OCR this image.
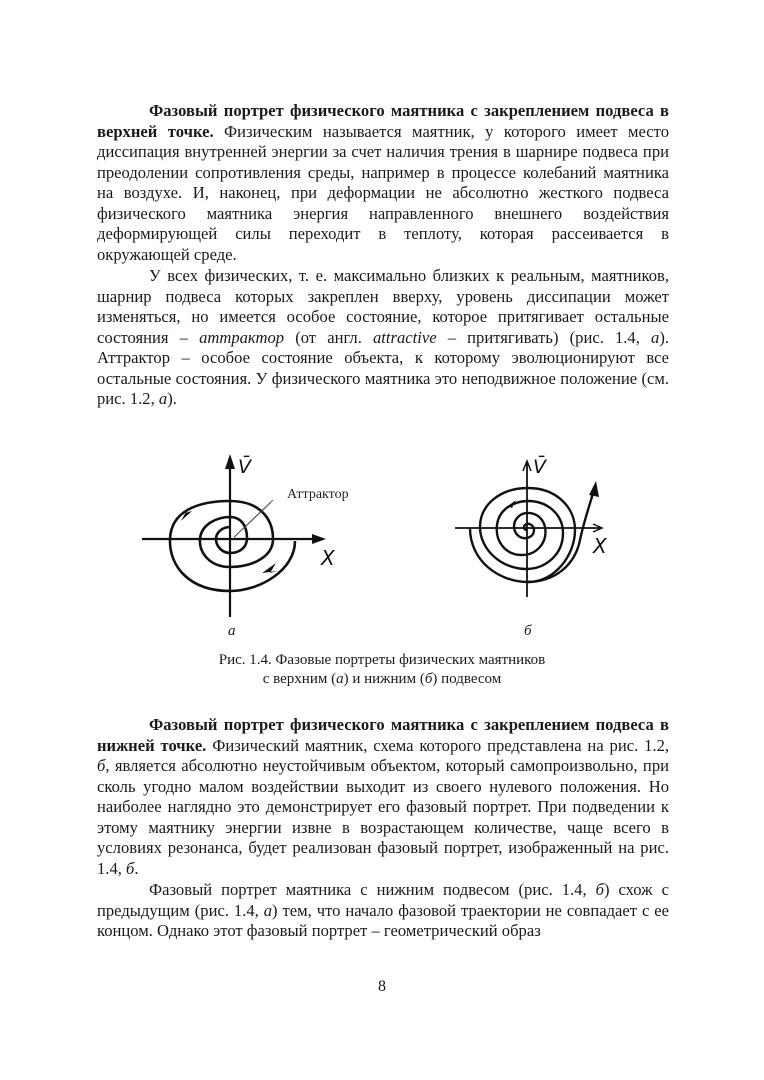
Фазовый портрет физического маятника с закреплением подвеса в верхней точке. Физическим называется маятник, у которого имеет место диссипация внутренней энергии за счет наличия трения в шарнире подвеса при преодолении сопротивления среды, например в процессе колебаний маятника на воздухе. И, наконец, при деформации не абсолютно жесткого подвеса физического маятника энергия направленного внешнего воздействия деформирующей силы переходит в теплоту, которая рассеивается в окружающей среде.
У всех физических, т. е. максимально близких к реальным, маятников, шарнир подвеса которых закреплен вверху, уровень диссипации может изменяться, но имеется особое состояние, которое притягивает остальные состояния – аттрактор (от англ. attractive – притягивать) (рис. 1.4, а). Аттрактор – особое состояние объекта, к которому эволюционируют все остальные состояния. У физического маятника это неподвижное положение (см. рис. 1.2, а).
Аттрактор
X
V̄
X
V̄
а	б
Рис. 1.4. Фазовые портреты физических маятников
с верхним (а) и нижним (б) подвесом
Фазовый портрет физического маятника с закреплением подвеса в нижней точке. Физический маятник, схема которого представлена на рис. 1.2, б, является абсолютно неустойчивым объектом, который самопроизвольно, при сколь угодно малом воздействии выходит из своего нулевого положения. Но наиболее наглядно это демонстрирует его фазовый портрет. При подведении к этому маятнику энергии извне в возрастающем количестве, чаще всего в условиях резонанса, будет реализован фазовый портрет, изображенный на рис. 1.4, б.
Фазовый портрет маятника с нижним подвесом (рис. 1.4, б) схож с предыдущим (рис. 1.4, а) тем, что начало фазовой траектории не совпадает с ее концом. Однако этот фазовый портрет – геометрический образ
8
